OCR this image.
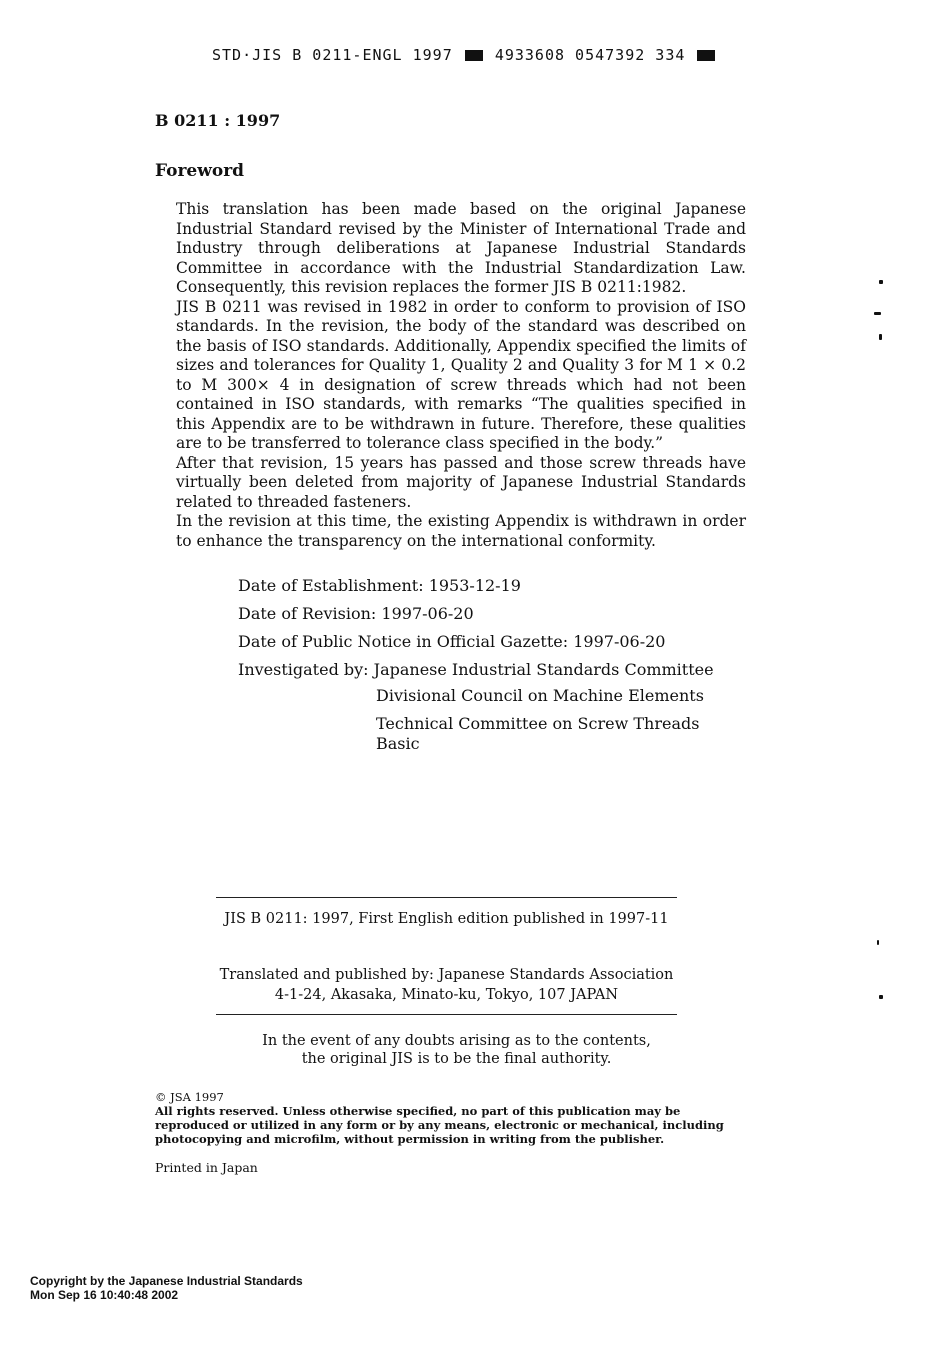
STD·JIS B 0211-ENGL 1997	4933608 0547392 334
B 0211 : 1997
Foreword

This translation has been made based on the original Japanese Industrial Standard revised by the Minister of International Trade and Industry through deliberations at Japanese Industrial Standards Committee in accordance with the Industrial Standardization Law. Consequently, this revision replaces the former JIS B 0211:1982.

JIS B 0211 was revised in 1982 in order to conform to provision of ISO standards. In the revision, the body of the standard was described on the basis of ISO standards. Additionally, Appendix specified the limits of sizes and tolerances for Quality 1, Quality 2 and Quality 3 for M 1 × 0.2 to M 300× 4 in designation of screw threads which had not been contained in ISO standards, with remarks “The qualities specified in this Appendix are to be withdrawn in future. Therefore, these qualities are to be transferred to tolerance class specified in the body.”

After that revision, 15 years has passed and those screw threads have virtually been deleted from majority of Japanese Industrial Standards related to threaded fasteners.

In the revision at this time, the existing Appendix is withdrawn in order to enhance the transparency on the international conformity.

Date of Establishment: 1953-12-19
Date of Revision: 1997-06-20
Date of Public Notice in Official Gazette: 1997-06-20
Investigated by: Japanese Industrial Standards Committee
Divisional Council on Machine Elements
Technical Committee on Screw Threads
Basic
JIS B 0211: 1997, First English edition published in 1997-11
Translated and published by: Japanese Standards Association
4-1-24, Akasaka, Minato-ku, Tokyo, 107 JAPAN
In the event of any doubts arising as to the contents,
the original JIS is to be the final authority.
© JSA 1997
All rights reserved. Unless otherwise specified, no part of this publication may be reproduced or utilized in any form or by any means, electronic or mechanical, including photocopying and microfilm, without permission in writing from the publisher.
Printed in Japan
Copyright by the Japanese Industrial Standards
Mon Sep 16 10:40:48 2002
